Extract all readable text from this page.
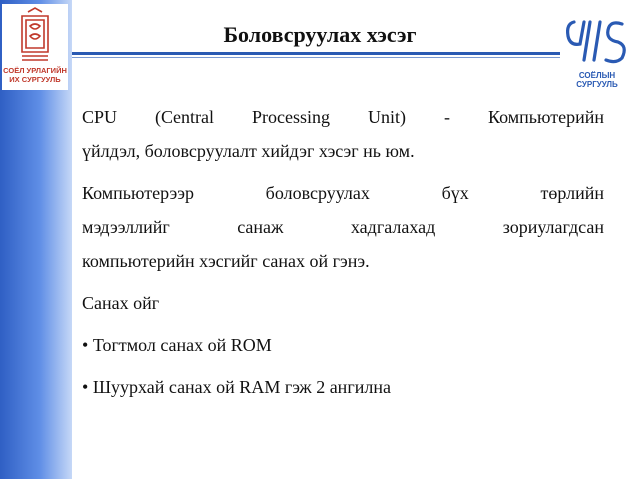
СОЁЛ УРЛАГИЙН ИХ СУРГУУЛЬ
Боловсруулах хэсэг
СОЁЛЫН СУРГУУЛЬ
CPU (Central Processing Unit) - Компьютерийн
үйлдэл, боловсруулалт хийдэг хэсэг нь юм.
Компьютерээр	боловсруулах	бүх	төрлийн
мэдээллийг	санаж	хадгалахад	зориулагдсан
компьютерийн хэсгийг санах ой гэнэ.
Санах ойг
• Тогтмол санах ой ROM
• Шуурхай санах ой RAM гэж 2 ангилна
